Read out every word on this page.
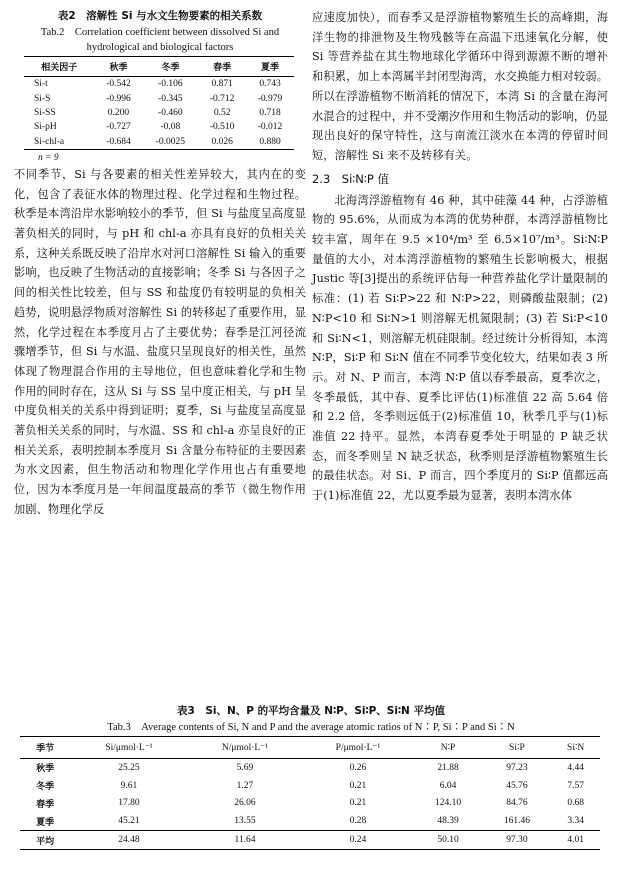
表2　溶解性 Si 与水文生物要素的相关系数

Tab.2　Correlation coefficient between dissolved Si and

hydrological and biological factors

相关因子	秋季	冬季	春季	夏季
Si-t	-0.542	-0.106	0.871	0.743
Si-S	-0.996	-0.345	-0.712	-0.979
Si-SS	0.200	-0.460	0.52	0.718
Si-pH	-0.727	-0.08	-0.510	-0.012
Si-chl-a	-0.684	-0.0025	0.026	0.880

n = 9

不同季节，Si 与各要素的相关性差异较大，其内在的变化，包含了表征水体的物理过程、化学过程和生物过程。秋季是本湾沿岸水影响较小的季节，但 Si 与盐度呈高度显著负相关的同时，与 pH 和 chl-a 亦具有良好的负相关关系，这种关系既反映了沿岸水对河口溶解性 Si 输入的重要影响，也反映了生物活动的直接影响；冬季 Si 与各因子之间的相关性比较差，但与 SS 和盐度仍有较明显的负相关趋势，说明悬浮物质对溶解性 Si 的转移起了重要作用，显然，化学过程在本季度月占了主要优势；春季是江河径流骤增季节，但 Si 与水温、盐度只呈现良好的相关性，虽然体现了物理混合作用的主导地位，但也意味着化学和生物作用的同时存在，这从 Si 与 SS 呈中度正相关，与 pH 呈中度负相关的关系中得到证明；夏季，Si 与盐度呈高度显著负相关关系的同时，与水温、SS 和 chl-a 亦呈良好的正相关关系，表明控制本季度月 Si 含量分布特征的主要因素为水文因素，但生物活动和物理化学作用也占有重要地位，因为本季度月是一年间温度最高的季节（微生物作用加剧、物理化学反

应速度加快），而春季又是浮游植物繁殖生长的高峰期，海洋生物的排泄物及生物残骸等在高温下迅速氧化分解，使 Si 等营养盐在其生物地球化学循环中得到源源不断的增补和积累，加上本湾属半封闭型海湾，水交换能力相对较弱。所以在浮游植物不断消耗的情况下，本湾 Si 的含量在海河水混合的过程中，并不受潮汐作用和生物活动的影响，仍显现出良好的保守特性，这与南流江淡水在本湾的停留时间短，溶解性 Si 来不及转移有关。

2.3　Si∶N∶P 值

北海湾浮游植物有 46 种，其中硅藻 44 种，占浮游植物的 95.6%，从而成为本湾的优势种群，本湾浮游植物比较丰富，周年在 9.5 ×10⁴/m³ 至 6.5×10⁷/m³。Si∶N∶P 量值的大小，对本湾浮游植物的繁殖生长影响极大，根据 Justic 等[3]提出的系统评估每一种营养盐化学计量限制的标准：(1) 若 Si∶P>22 和 N∶P>22，则磷酸盐限制；(2) N∶P<10 和 Si∶N>1 则溶解无机氮限制；(3) 若 Si∶P<10 和 Si∶N<1，则溶解无机硅限制。经过统计分析得知，本湾 N∶P，Si∶P 和 Si∶N 值在不同季节变化较大，结果如表 3 所示。对 N、P 而言，本湾 N∶P 值以春季最高，夏季次之，冬季最低，其中春、夏季比评估(1)标准值 22 高 5.64 倍和 2.2 倍，冬季则远低于(2)标准值 10，秋季几乎与(1)标准值 22 持平。显然，本湾春夏季处于明显的 P 缺乏状态，而冬季则呈 N 缺乏状态，秋季则是浮游植物繁殖生长的最佳状态。对 Si、P 而言，四个季度月的 Si∶P 值都远高于(1)标准值 22，尤以夏季最为显著，表明本湾水体

表3　Si、N、P 的平均含量及 N∶P、Si∶P、Si∶N 平均值

Tab.3　Average contents of Si, N and P and the average atomic ratios of N∶P, Si∶P and Si∶N

季节	Si/μmol·L⁻¹	N/μmol·L⁻¹	P/μmol·L⁻¹	N∶P	Si∶P	Si∶N
秋季	25.25	5.69	0.26	21.88	97.23	4.44
冬季	9.61	1.27	0.21	6.04	45.76	7.57
春季	17.80	26.06	0.21	124.10	84.76	0.68
夏季	45.21	13.55	0.28	48.39	161.46	3.34
平均	24.48	11.64	0.24	50.10	97.30	4.01
